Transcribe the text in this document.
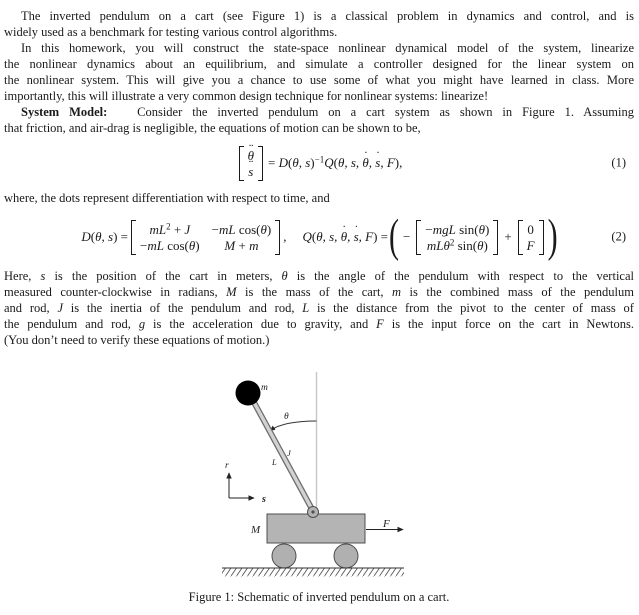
The inverted pendulum on a cart (see Figure 1) is a classical problem in dynamics and control, and is
widely used as a benchmark for testing various control algorithms.
In this homework, you will construct the state-space nonlinear dynamical model of the system, linearize
the nonlinear dynamics about an equilibrium, and simulate a controller designed for the linear system on
the nonlinear system. This will give you a chance to use some of what you might have learned in class. More
importantly, this will illustrate a very common design technique for nonlinear systems: linearize!
System Model:   Consider the inverted pendulum on a cart system as shown in Figure 1. Assuming
that friction, and air-drag is negligible, the equations of motion can be shown to be,
θ ¨
s ¨
= D(θ, s)$^{-1}$Q(θ, s, θ ˙, s ˙, F),	(1)
where, the dots represent differentiation with respect to time, and
D(θ, $s) = mL^2 + J -mL$ cos(θ)
−mL cos(θ) M + m
, Q(θ, s, θ ˙, s ˙, F) = ( − −mgL sin(θ)
mLθ ˙$^2$ sin(θ)
+ 0
F )	(2)
Here, s is the position of the cart in meters, θ is the angle of the pendulum with respect to the vertical
measured counter-clockwise in radians, M is the mass of the cart, m is the combined mass of the pendulum
and rod, J is the inertia of the pendulum and rod, L is the distance from the pivot to the center of mass of
the pendulum and rod, g is the acceleration due to gravity, and F is the input force on the cart in Newtons.
(You don’t need to verify these equations of motion.)
m
θ
J
L
r
s
M	F
Figure 1: Schematic of inverted pendulum on a cart.
